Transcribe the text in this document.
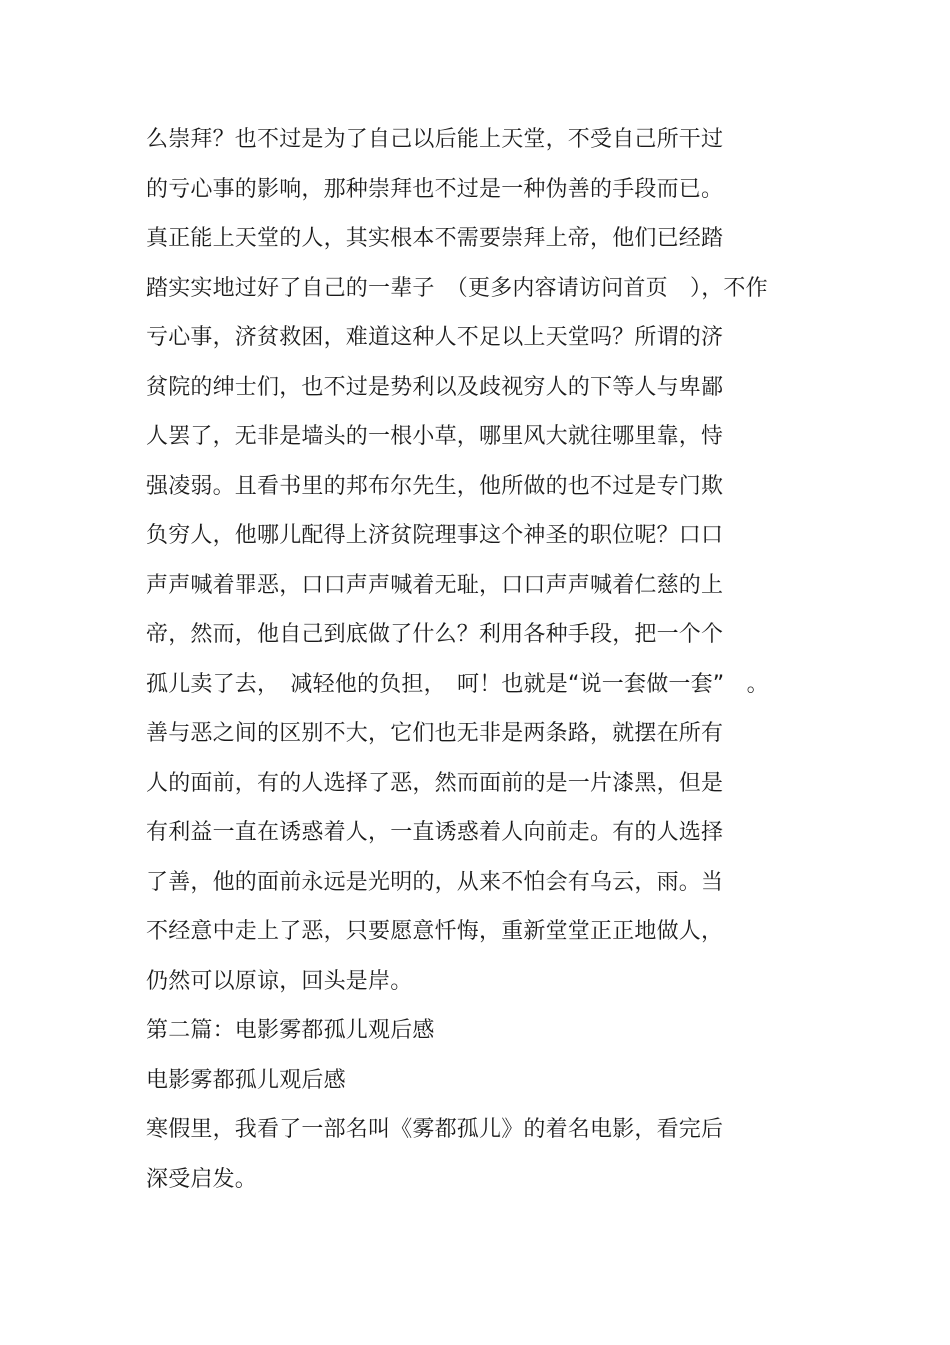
么崇拜？也不过是为了自己以后能上天堂，不受自己所干过
的亏心事的影响，那种崇拜也不过是一种伪善的手段而已。
真正能上天堂的人，其实根本不需要崇拜上帝，他们已经踏
踏实实地过好了自己的一辈子　（更多内容请访问首页　），不作
亏心事，济贫救困，难道这种人不足以上天堂吗？所谓的济
贫院的绅士们，也不过是势利以及歧视穷人的下等人与卑鄙
人罢了，无非是墙头的一根小草，哪里风大就往哪里靠，恃
强凌弱。且看书里的邦布尔先生，他所做的也不过是专门欺
负穷人，他哪儿配得上济贫院理事这个神圣的职位呢？口口
声声喊着罪恶，口口声声喊着无耻，口口声声喊着仁慈的上
帝，然而，他自己到底做了什么？利用各种手段，把一个个
孤儿卖了去，　减轻他的负担，　呵！也就是“说一套做一套”　。
善与恶之间的区别不大，它们也无非是两条路，就摆在所有
人的面前，有的人选择了恶，然而面前的是一片漆黑，但是
有利益一直在诱惑着人，一直诱惑着人向前走。有的人选择
了善，他的面前永远是光明的，从来不怕会有乌云，雨。当
不经意中走上了恶，只要愿意忏悔，重新堂堂正正地做人，
仍然可以原谅，回头是岸。
第二篇：电影雾都孤儿观后感
电影雾都孤儿观后感
寒假里，我看了一部名叫《雾都孤儿》的着名电影，看完后
深受启发。
